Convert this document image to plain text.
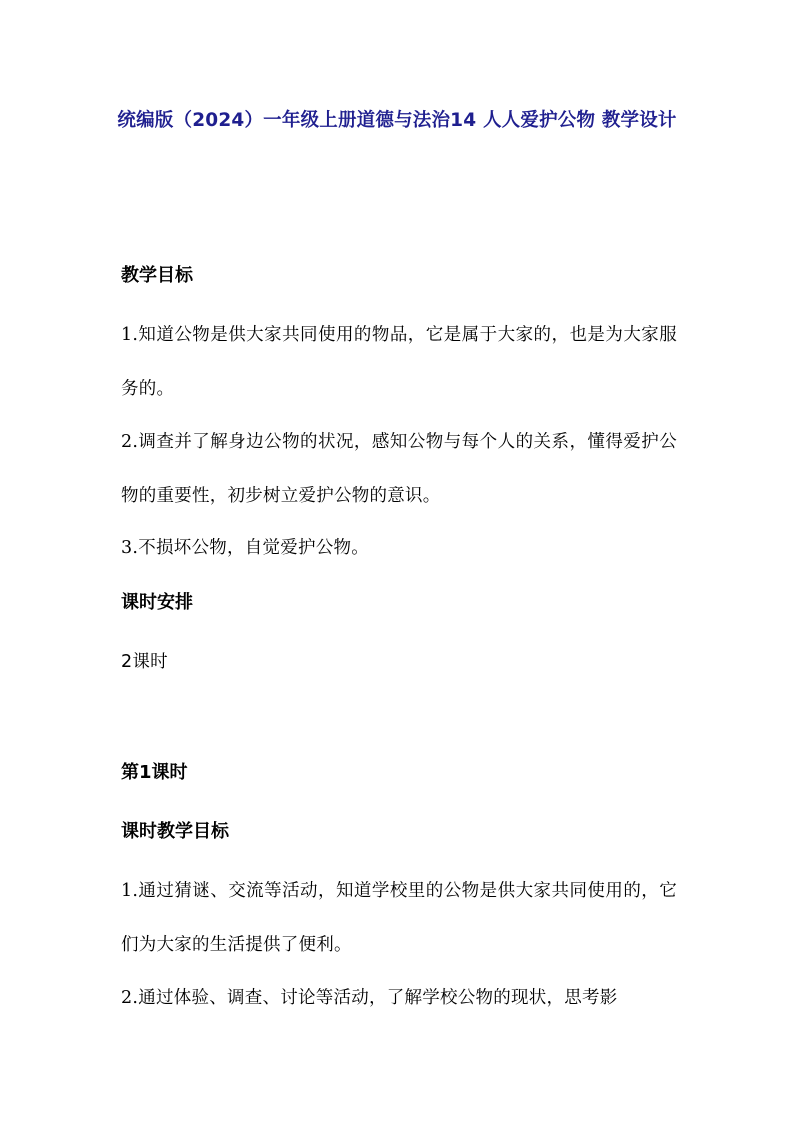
统编版（2024）一年级上册道德与法治14 人人爱护公物 教学设计
教学目标

1.知道公物是供大家共同使用的物品，它是属于大家的，也是为大家服务的。

2.调查并了解身边公物的状况，感知公物与每个人的关系，懂得爱护公物的重要性，初步树立爱护公物的意识。

3.不损坏公物，自觉爱护公物。

课时安排

2课时

第1课时
课时教学目标

1.通过猜谜、交流等活动，知道学校里的公物是供大家共同使用的，它们为大家的生活提供了便利。

2.通过体验、调查、讨论等活动，了解学校公物的现状，思考影
